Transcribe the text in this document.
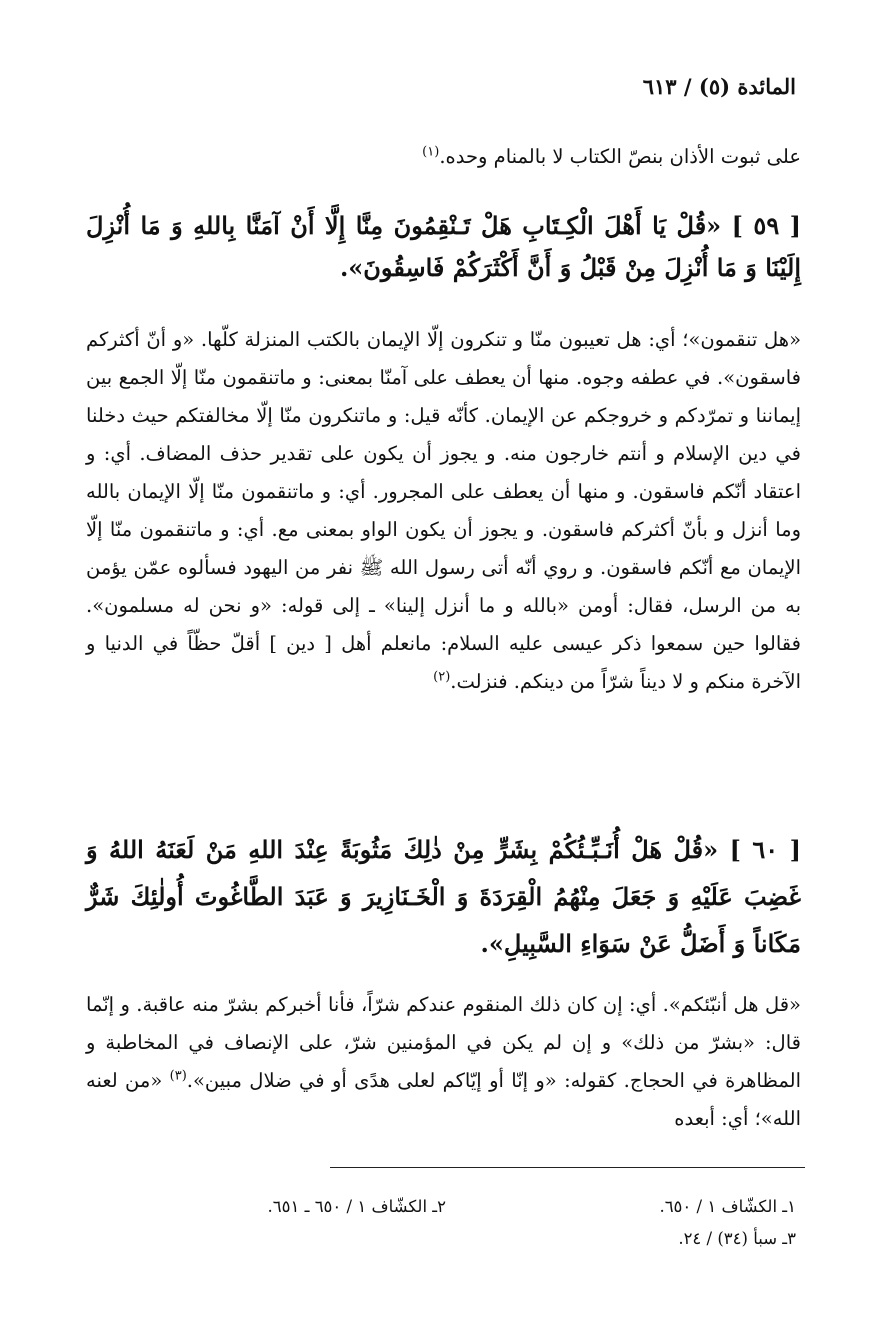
المائدة (٥) / ٦١٣

على ثبوت الأذان بنصّ الكتاب لا بالمنام وحده.$^{(١)}$

[ ٥٩ ] «قُلْ يَا أَهْلَ الْكِـتَابِ هَلْ تَـنْقِمُونَ مِنَّا إِلَّا أَنْ آمَنَّا بِاللهِ وَ مَا أُنْزِلَ إِلَيْنَا وَ مَا أُنْزِلَ مِنْ قَبْلُ وَ أَنَّ أَكْثَرَكُمْ فَاسِقُونَ».

«هل تنقمون»؛ أي: هل تعيبون منّا و تنكرون إلّا الإيمان بالكتب المنزلة كلّها. «و أنّ أكثركم فاسقون». في عطفه وجوه. منها أن يعطف على آمنّا بمعنى: و ماتنقمون منّا إلّا الجمع بين إيماننا و تمرّدكم و خروجكم عن الإيمان. كأنّه قيل: و ماتنكرون منّا إلّا مخالفتكم حيث دخلنا في دين الإسلام و أنتم خارجون منه. و يجوز أن يكون على تقدير حذف المضاف. أي: و اعتقاد أنّكم فاسقون. و منها أن يعطف على المجرور. أي: و ماتنقمون منّا إلّا الإيمان بالله وما أنزل و بأنّ أكثركم فاسقون. و يجوز أن يكون الواو بمعنى مع. أي: و ماتنقمون منّا إلّا الإيمان مع أنّكم فاسقون. و روي أنّه أتى رسول الله ﷺ نفر من اليهود فسألوه عمّن يؤمن به من الرسل، فقال: أومن «بالله و ما أنزل إلينا» ـ إلى قوله: «و نحن له مسلمون». فقالوا حين سمعوا ذكر عيسى عليه السلام: مانعلم أهل [ دين ] أقلّ حظّاً في الدنيا و الآخرة منكم و لا ديناً شرّاً من دينكم. فنزلت.$^{(٢)}$

[ ٦٠ ] «قُلْ هَلْ أُنَـبِّـئُكُمْ بِشَرٍّ مِنْ ذٰلِكَ مَثُوبَةً عِنْدَ اللهِ مَنْ لَعَنَهُ اللهُ وَ غَضِبَ عَلَيْهِ وَ جَعَلَ مِنْهُمُ الْقِرَدَةَ وَ الْخَـنَازِيرَ وَ عَبَدَ الطَّاغُوتَ أُولٰئِكَ شَرٌّ مَكَاناً وَ أَضَلُّ عَنْ سَوَاءِ السَّبِيلِ».

«قل هل أنبّئكم». أي: إن كان ذلك المنقوم عندكم شرّاً، فأنا أخبركم بشرّ منه عاقبة. و إنّما قال: «بشرّ من ذلك» و إن لم يكن في المؤمنين شرّ، على الإنصاف في المخاطبة و المظاهرة في الحجاج. كقوله: «و إنّا أو إيّاكم لعلى هدًى أو في ضلال مبين».$^{(٣)}$ «من لعنه الله»؛ أي: أبعده

١ـ الكشّاف ١ / ٦٥٠.
٢ـ الكشّاف ١ / ٦٥٠ ـ ٦٥١.
٣ـ سبأ (٣٤) / ٢٤.
